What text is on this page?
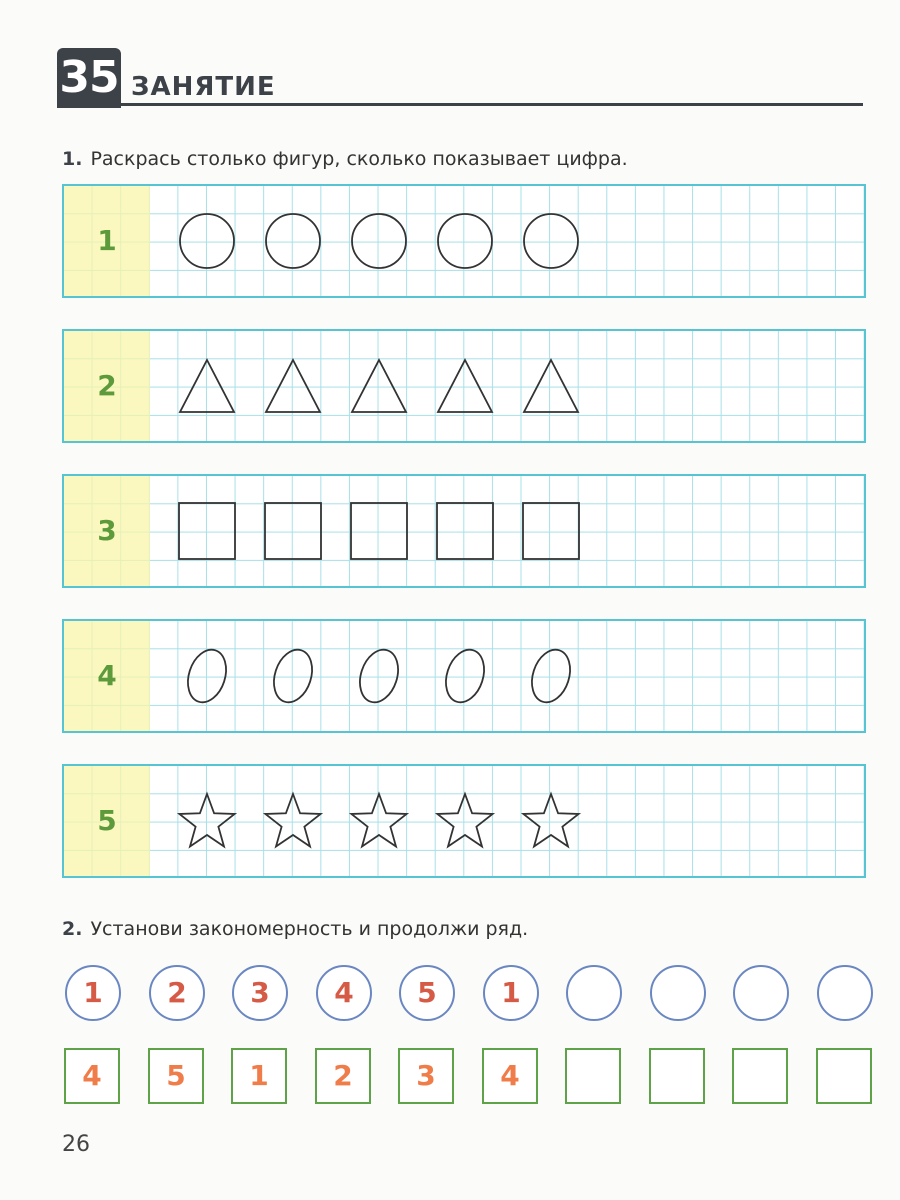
35 ЗАНЯТИЕ
1. Раскрась столько фигур, сколько показывает цифра.
1
2
3
4
5
2. Установи закономерность и продолжи ряд.
1	2	3	4	5	1
4	5	1	2	3	4
26
